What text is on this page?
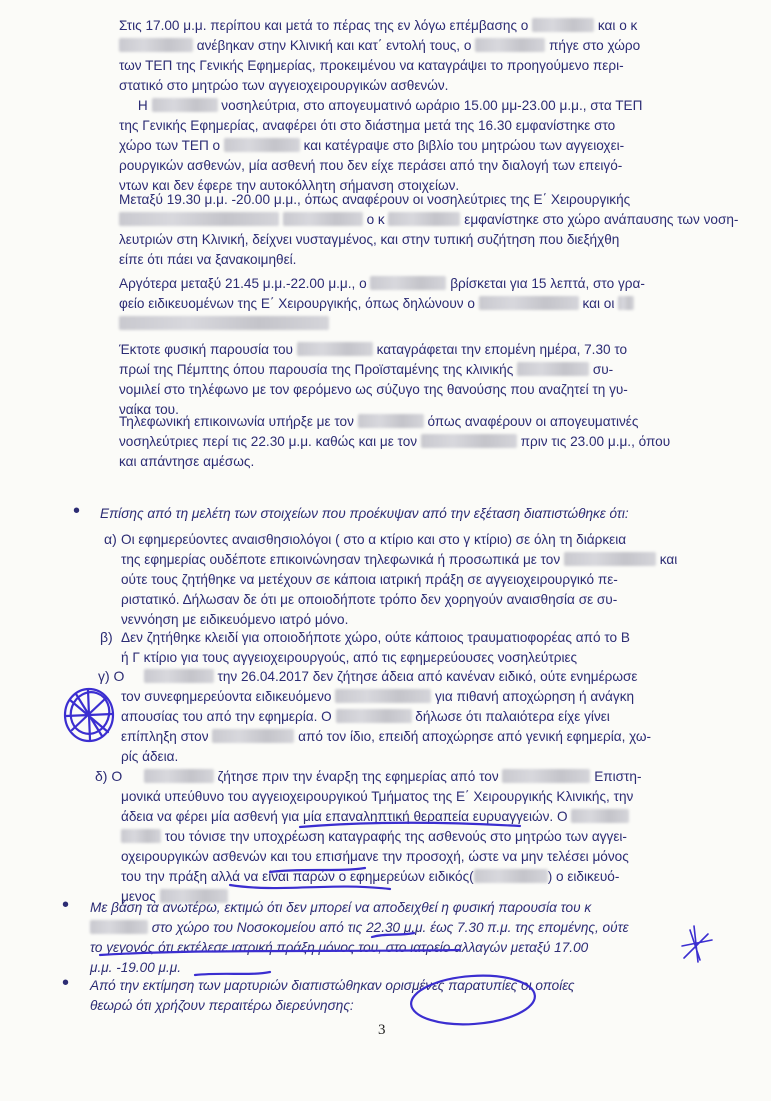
Στις 17.00 μ.μ. περίπου και μετά το πέρας της εν λόγω επέμβασης ο	και ο κ
ανέβηκαν στην Κλινική και κατ΄ εντολή τους, ο	πήγε στο χώρο
των ΤΕΠ της Γενικής Εφημερίας, προκειμένου να καταγράψει το προηγούμενο περι-
στατικό στο μητρώο των αγγειοχειρουργικών ασθενών.
Η	νοσηλεύτρια, στο απογευματινό ωράριο 15.00 μμ-23.00 μ.μ., στα ΤΕΠ
της Γενικής Εφημερίας, αναφέρει ότι στο διάστημα μετά της 16.30 εμφανίστηκε στο
χώρο των ΤΕΠ ο	και κατέγραψε στο βιβλίο του μητρώου των αγγειοχει-
ρουργικών ασθενών, μία ασθενή που δεν είχε περάσει από την διαλογή των επειγό-
ντων και δεν έφερε την αυτοκόλλητη σήμανση στοιχείων.
Μεταξύ 19.30 μ.μ. -20.00 μ.μ., όπως αναφέρουν οι νοσηλεύτριες της Ε΄ Χειρουργικής
ο κ	εμφανίστηκε στο χώρο ανάπαυσης των νοση-
λευτριών στη Κλινική, δείχνει νυσταγμένος, και στην τυπική συζήτηση που διεξήχθη
είπε ότι πάει να ξανακοιμηθεί.
Αργότερα μεταξύ 21.45 μ.μ.-22.00 μ.μ., ο	βρίσκεται για 15 λεπτά, στο γρα-
φείο ειδικευομένων της Ε΄ Χειρουργικής, όπως δηλώνουν ο	και οι
Έκτοτε φυσική παρουσία του	καταγράφεται την επομένη ημέρα, 7.30 το
πρωί της Πέμπτης όπου παρουσία της Προϊσταμένης της κλινικής	συ-
νομιλεί στο τηλέφωνο με τον φερόμενο ως σύζυγο της θανούσης που αναζητεί τη γυ-
ναίκα του.
Τηλεφωνική επικοινωνία υπήρξε με τον	όπως αναφέρουν οι απογευματινές
νοσηλεύτριες περί τις 22.30 μ.μ. καθώς και με τον	πριν τις 23.00 μ.μ., όπου
και απάντησε αμέσως.
• Επίσης από τη μελέτη των στοιχείων που προέκυψαν από την εξέταση διαπιστώθηκε ότι:
α) Οι εφημερεύοντες αναισθησιολόγοι ( στο α κτίριο και στο γ κτίριο) σε όλη τη διάρκεια
της εφημερίας ουδέποτε επικοινώνησαν τηλεφωνικά ή προσωπικά με τον	και
ούτε τους ζητήθηκε να μετέχουν σε κάποια ιατρική πράξη σε αγγειοχειρουργικό πε-
ριστατικό. Δήλωσαν δε ότι με οποιοδήποτε τρόπο δεν χορηγούν αναισθησία σε συ-
νεννόηση με ειδικευόμενο ιατρό μόνο.
β) Δεν ζητήθηκε κλειδί για οποιοδήποτε χώρο, ούτε κάποιος τραυματιοφορέας από το Β
ή Γ κτίριο για τους αγγειοχειρουργούς, από τις εφημερεύουσες νοσηλεύτριες
γ) Ο	την 26.04.2017 δεν ζήτησε άδεια από κανέναν ειδικό, ούτε ενημέρωσε
τον συνεφημερεύοντα ειδικευόμενο	για πιθανή αποχώρηση ή ανάγκη
απουσίας του από την εφημερία. Ο	δήλωσε ότι παλαιότερα είχε γίνει
επίπληξη στον	από τον ίδιο, επειδή αποχώρησε από γενική εφημερία, χω-
ρίς άδεια.
δ) Ο	ζήτησε πριν την έναρξη της εφημερίας από τον	Επιστη-
μονικά υπεύθυνο του αγγειοχειρουργικού Τμήματος της Ε΄ Χειρουργικής Κλινικής, την
άδεια να φέρει μία ασθενή για μία επαναληπτική θεραπεία ευρυαγγειών. Ο
του τόνισε την υποχρέωση καταγραφής της ασθενούς στο μητρώο των αγγει-
οχειρουργικών ασθενών και του επισήμανε την προσοχή, ώστε να μην τελέσει μόνος
του την πράξη αλλά να είναι παρών ο εφημερεύων ειδικός(	) ο ειδικευό-
μενος
• Με βάση τα ανωτέρω, εκτιμώ ότι δεν μπορεί να αποδειχθεί η φυσική παρουσία του κ
στο χώρο του Νοσοκομείου από τις 22.30 μ.μ. έως 7.30 π.μ. της επομένης, ούτε
το γεγονός ότι εκτέλεσε ιατρική πράξη μόνος του, στο ιατρείο αλλαγών μεταξύ 17.00
μ.μ. -19.00 μ.μ.
• Από την εκτίμηση των μαρτυριών διαπιστώθηκαν ορισμένες παρατυπίες οι οποίες
θεωρώ ότι χρήζουν περαιτέρω διερεύνησης:
3
